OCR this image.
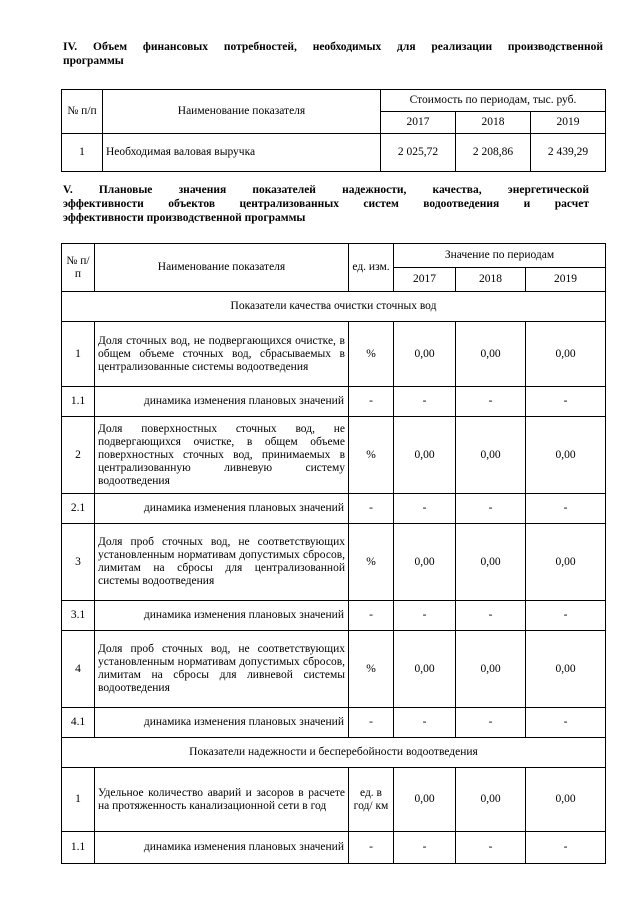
IV. Объем финансовых потребностей, необходимых для реализации производственной
программы
№ п/п	Наименование показателя	Стоимость по периодам, тыс. руб.		
		2017	2018	2019
1	Необходимая валовая выручка	2 025,72	2 208,86	2 439,29
V. Плановые значения показателей надежности, качества, энергетической
эффективности объектов централизованных систем водоотведения и расчет
эффективности производственной программы
№ п/п	Наименование показателя	ед. изм.	Значение по периодам		
			2017	2018	2019
Показатели качества очистки сточных вод					
1	Доля сточных вод, не подвергающихся очистке, в общем объеме сточных вод, сбрасываемых в централизованные системы водоотведения	%	0,00	0,00	0,00
1.1	динамика изменения плановых значений	-	-	-	-
2	Доля поверхностных сточных вод, не подвергающихся очистке, в общем объеме поверхностных сточных вод, принимаемых в централизованную ливневую систему водоотведения	%	0,00	0,00	0,00
2.1	динамика изменения плановых значений	-	-	-	-
3	Доля проб сточных вод, не соответствующих установленным нормативам допустимых сбросов, лимитам на сбросы для централизованной системы водоотведения	%	0,00	0,00	0,00
3.1	динамика изменения плановых значений	-	-	-	-
4	Доля проб сточных вод, не соответствующих установленным нормативам допустимых сбросов, лимитам на сбросы для ливневой системы водоотведения	%	0,00	0,00	0,00
4.1	динамика изменения плановых значений	-	-	-	-
Показатели надежности и бесперебойности водоотведения					
1	Удельное количество аварий и засоров в расчете на протяженность канализационной сети в год	ед. в год/ км	0,00	0,00	0,00
1.1	динамика изменения плановых значений	-	-	-	-
